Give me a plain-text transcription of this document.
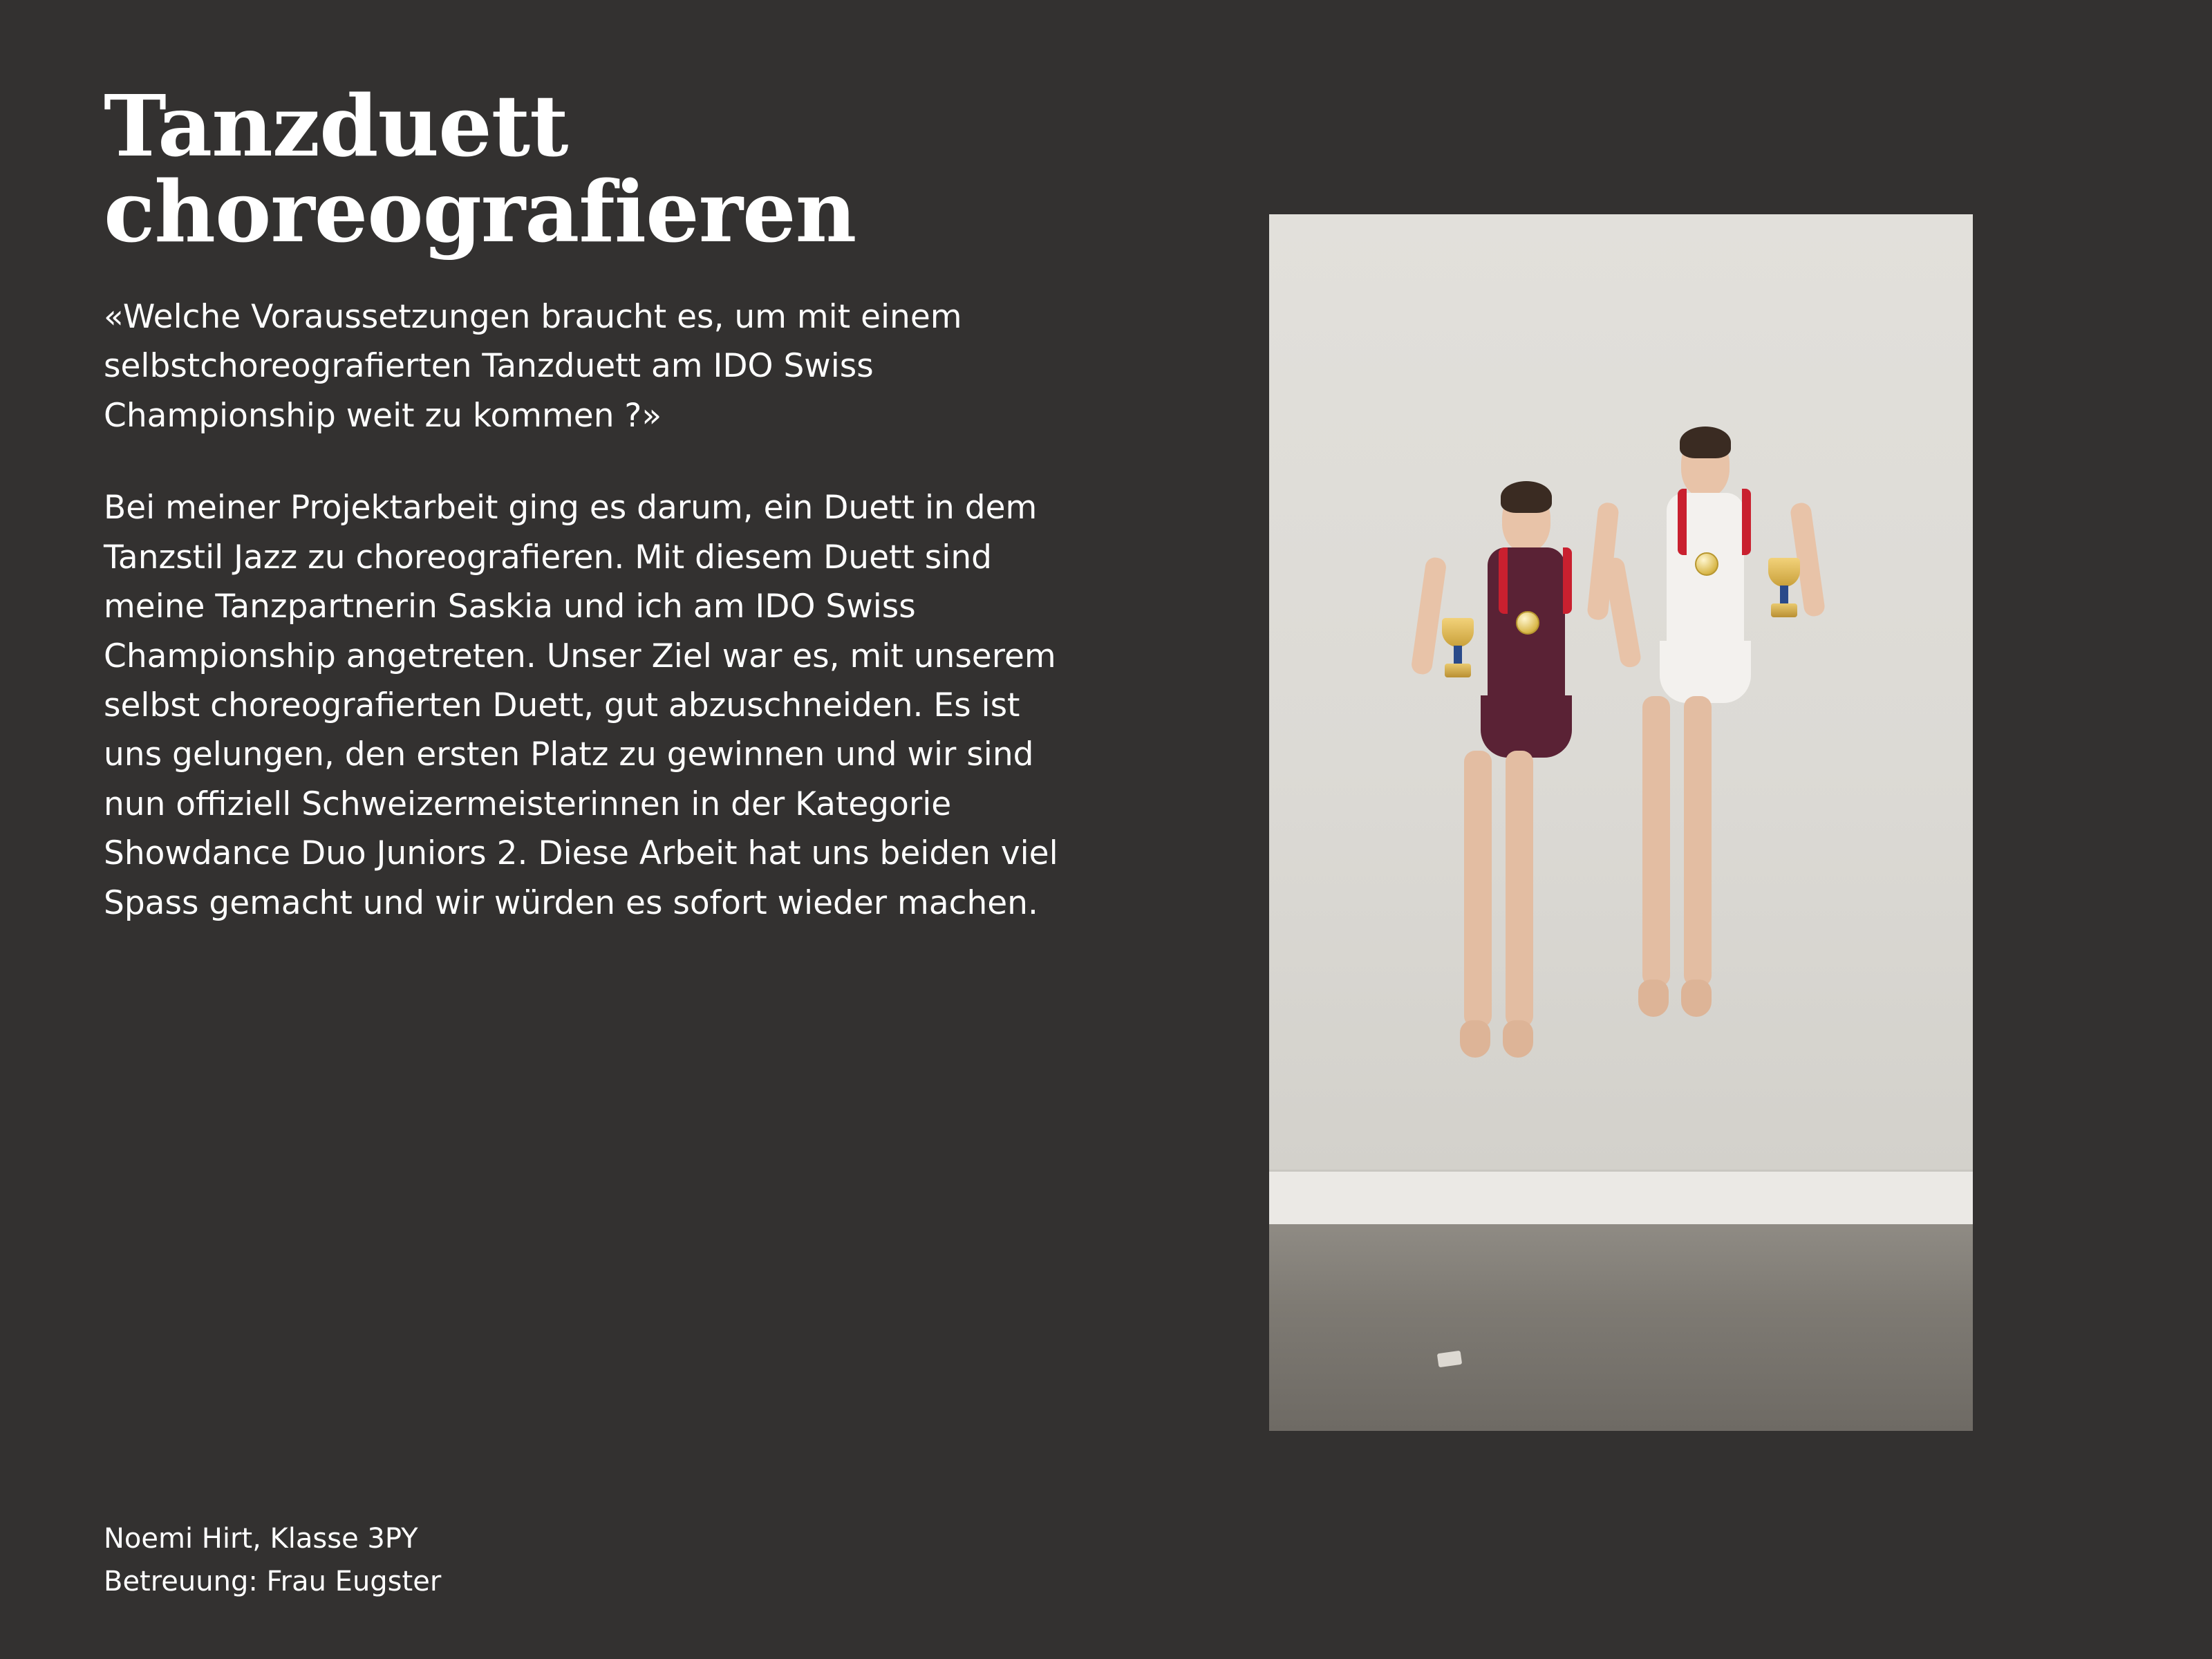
Tanzduett
choreografieren

«Welche Voraussetzungen braucht es, um mit einem selbstchoreografierten Tanzduett am IDO Swiss Championship weit zu kommen ?»

Bei meiner Projektarbeit ging es darum, ein Duett in dem Tanzstil Jazz zu choreografieren. Mit diesem Duett sind meine Tanzpartnerin Saskia und ich am IDO Swiss Championship angetreten. Unser Ziel war es, mit unserem selbst choreografierten Duett, gut abzuschneiden. Es ist uns gelungen, den ersten Platz zu gewinnen und wir sind nun offiziell Schweizermeisterinnen in der Kategorie Showdance Duo Juniors 2. Diese Arbeit hat uns beiden viel Spass gemacht und wir würden es sofort wieder machen.

Noemi Hirt, Klasse 3PY
Betreuung: Frau Eugster
